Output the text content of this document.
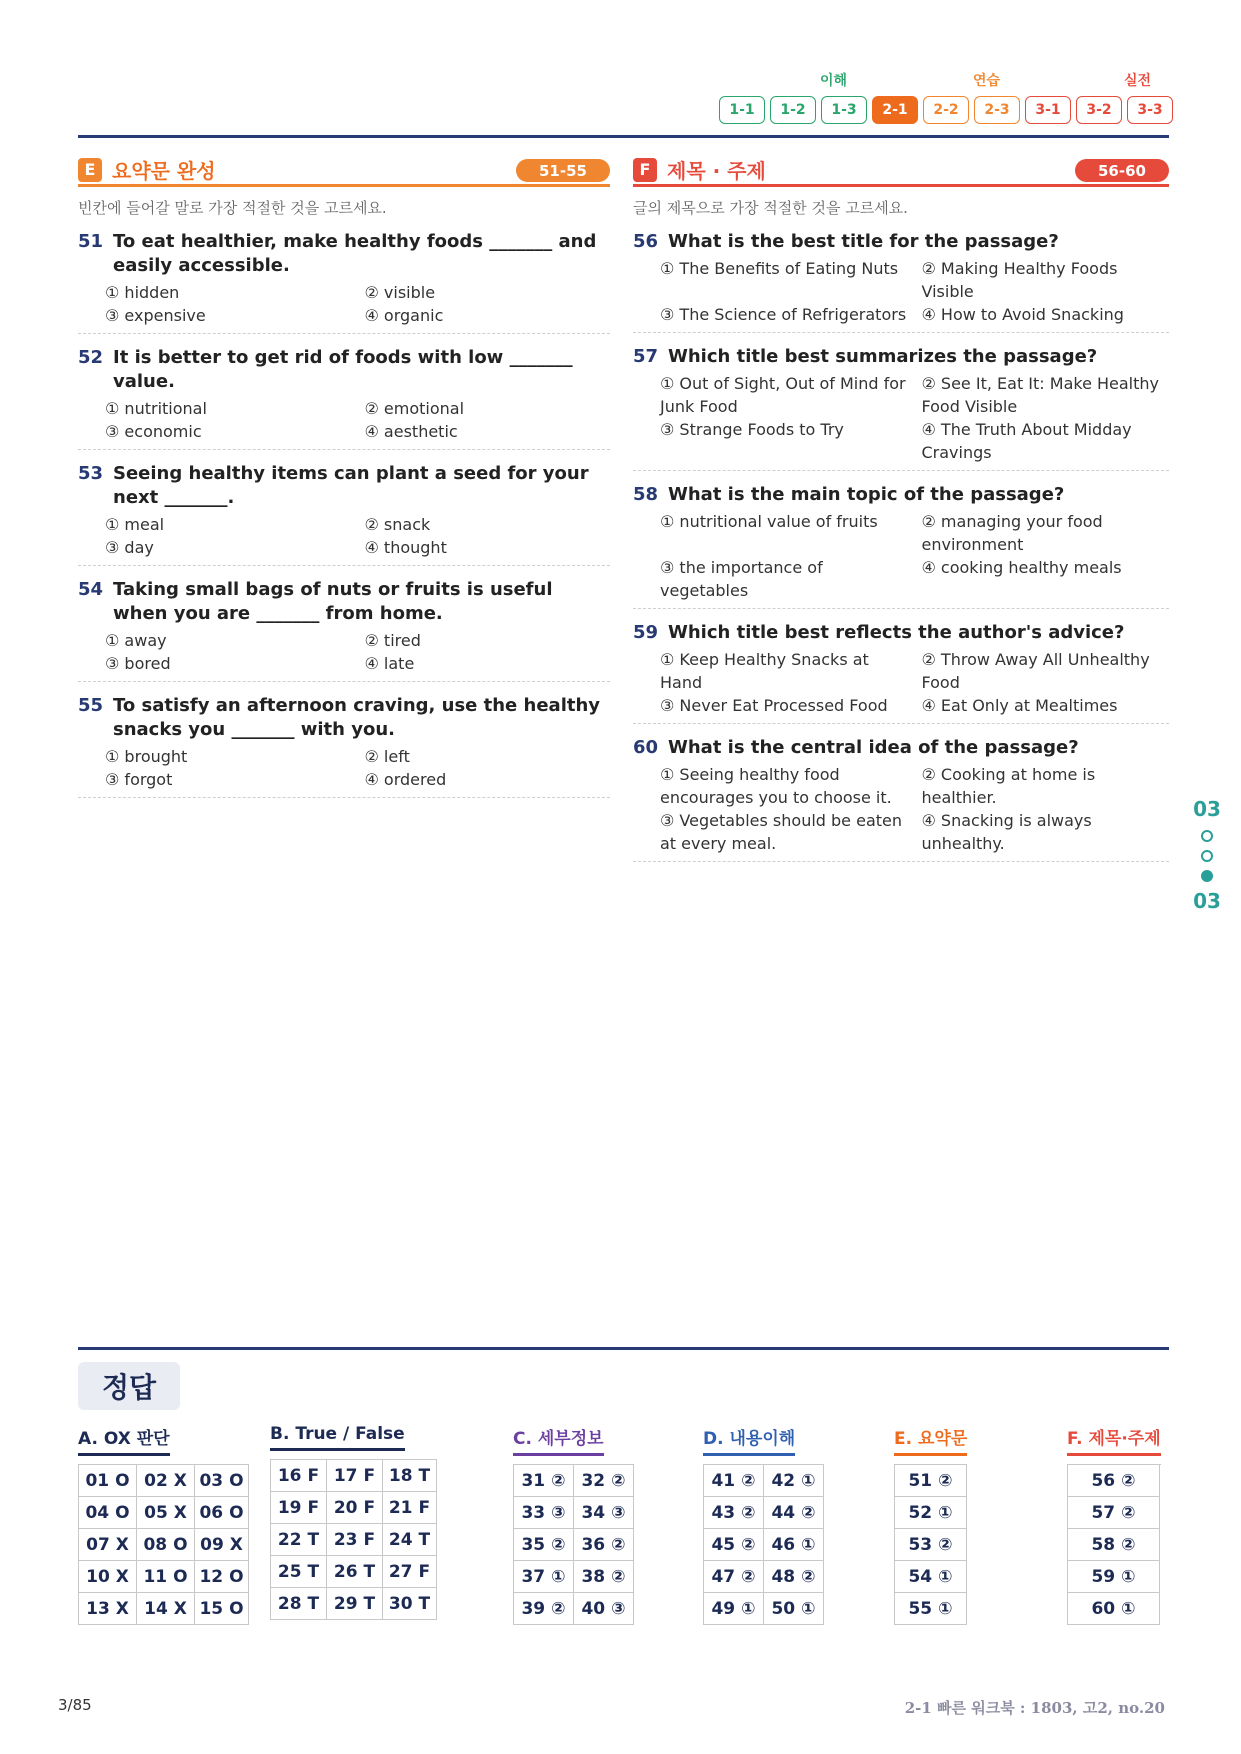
이해	연습	실전
1-1	1-2	1-3	2-1	2-2	2-3	3-1	3-2	3-3
E 요약문 완성	51-55
빈칸에 들어갈 말로 가장 적절한 것을 고르세요.
51 To eat healthier, make healthy foods _______ and easily accessible.
① hidden	② visible
③ expensive	④ organic
52 It is better to get rid of foods with low _______ value.
① nutritional	② emotional
③ economic	④ aesthetic
53 Seeing healthy items can plant a seed for your next _______.
① meal	② snack
③ day	④ thought
54 Taking small bags of nuts or fruits is useful when you are _______ from home.
① away	② tired
③ bored	④ late
55 To satisfy an afternoon craving, use the healthy snacks you _______ with you.
① brought	② left
③ forgot	④ ordered
F 제목 · 주제	56-60
글의 제목으로 가장 적절한 것을 고르세요.
56 What is the best title for the passage?
① The Benefits of Eating Nuts	② Making Healthy Foods Visible
③ The Science of Refrigerators ④ How to Avoid Snacking
57 Which title best summarizes the passage?
① Out of Sight, Out of Mind for Junk Food
② See It, Eat It: Make Healthy Food Visible
③ Strange Foods to Try	④ The Truth About Midday Cravings
58 What is the main topic of the passage?
① nutritional value of fruits	② managing your food environment
③ the importance of vegetables
④ cooking healthy meals
59 Which title best reflects the author's advice?
① Keep Healthy Snacks at Hand
② Throw Away All Unhealthy Food
③ Never Eat Processed Food	④ Eat Only at Mealtimes
60 What is the central idea of the passage?
① Seeing healthy food encourages you to choose it.
② Cooking at home is healthier.
③ Vegetables should be eaten at every meal.
④ Snacking is always unhealthy.
03
03
정답
A. OX 판단
01 O 02 X 03 O
04 O 05 X 06 O
07 X 08 O 09 X
10 X 11 O 12 O
13 X 14 X 15 O
B. True / False
16 F 17 F 18 T
19 F 20 F 21 F
22 T 23 F 24 T
25 T 26 T 27 F
28 T 29 T 30 T
C. 세부정보
31 ② 32 ②
33 ③ 34 ③
35 ② 36 ②
37 ① 38 ②
39 ② 40 ③
D. 내용이해
41 ② 42 ①
43 ② 44 ②
45 ② 46 ①
47 ② 48 ②
49 ① 50 ①
E. 요약문
51 ②
52 ①
53 ②
54 ①
55 ①
F. 제목·주제
56 ②
57 ②
58 ②
59 ①
60 ①
3/85	2-1 빠른 워크북 : 1803, 고2, no.20
